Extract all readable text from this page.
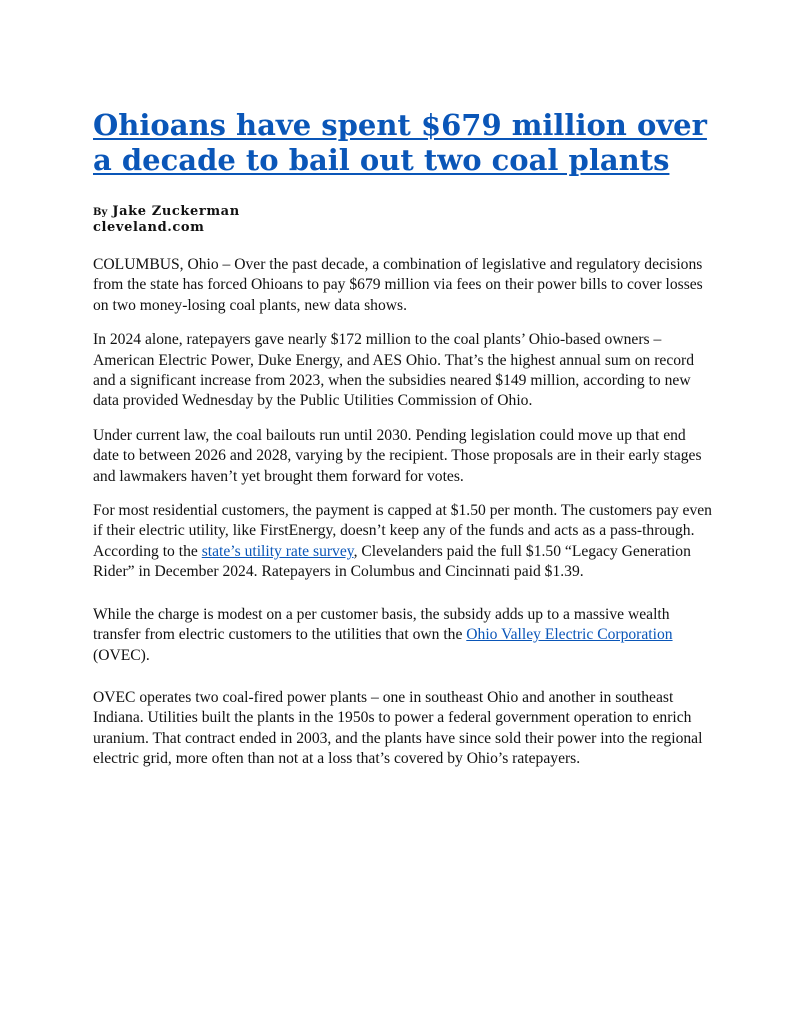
Ohioans have spent $679 million over a decade to bail out two coal plants
By Jake Zuckerman
cleveland.com

COLUMBUS, Ohio – Over the past decade, a combination of legislative and regulatory decisions from the state has forced Ohioans to pay $679 million via fees on their power bills to cover losses on two money-losing coal plants, new data shows.

In 2024 alone, ratepayers gave nearly $172 million to the coal plants’ Ohio-based owners – American Electric Power, Duke Energy, and AES Ohio. That’s the highest annual sum on record and a significant increase from 2023, when the subsidies neared $149 million, according to new data provided Wednesday by the Public Utilities Commission of Ohio.

Under current law, the coal bailouts run until 2030. Pending legislation could move up that end date to between 2026 and 2028, varying by the recipient. Those proposals are in their early stages and lawmakers haven’t yet brought them forward for votes.

For most residential customers, the payment is capped at $1.50 per month. The customers pay even if their electric utility, like FirstEnergy, doesn’t keep any of the funds and acts as a pass-through. According to the state’s utility rate survey, Clevelanders paid the full $1.50 “Legacy Generation Rider” in December 2024. Ratepayers in Columbus and Cincinnati paid $1.39.

While the charge is modest on a per customer basis, the subsidy adds up to a massive wealth transfer from electric customers to the utilities that own the Ohio Valley Electric Corporation (OVEC).

OVEC operates two coal-fired power plants – one in southeast Ohio and another in southeast Indiana. Utilities built the plants in the 1950s to power a federal government operation to enrich uranium. That contract ended in 2003, and the plants have since sold their power into the regional electric grid, more often than not at a loss that’s covered by Ohio’s ratepayers.
